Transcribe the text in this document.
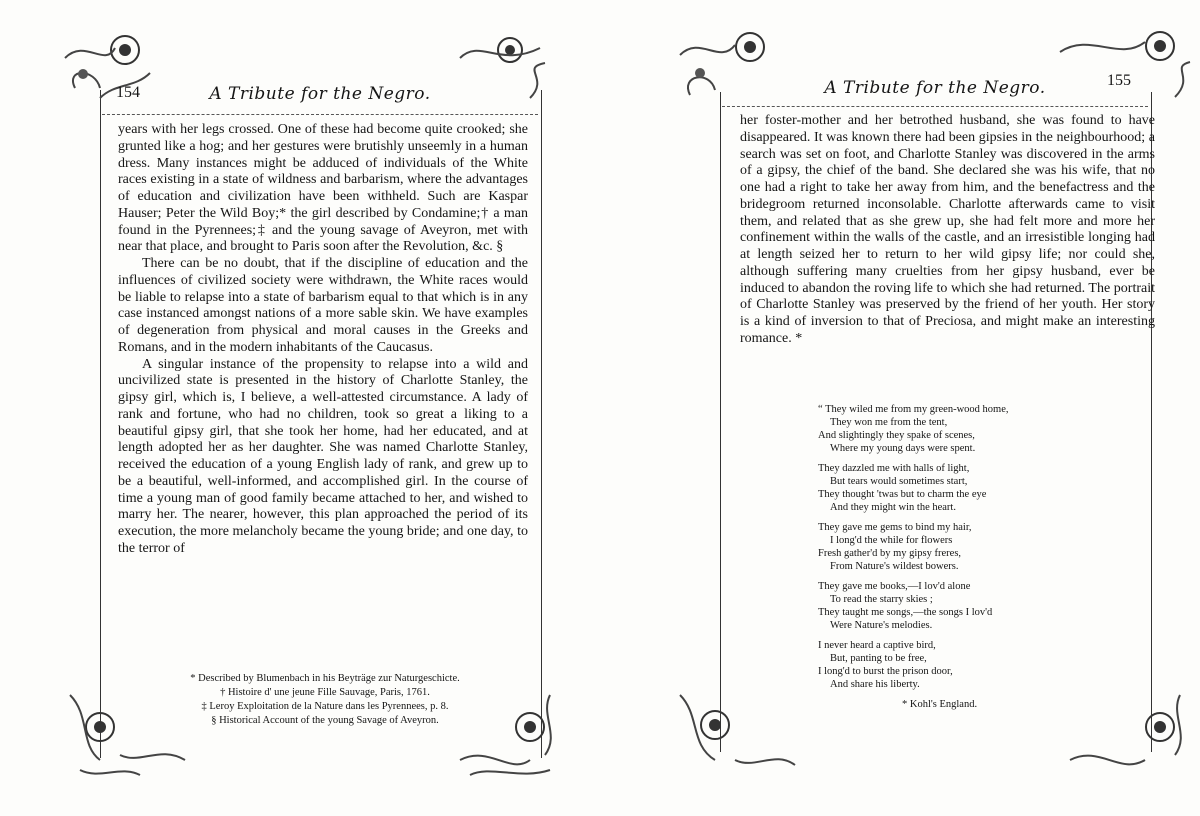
154	A Tribute for the Negro.

years with her legs crossed. One of these had become quite crooked; she grunted like a hog; and her gestures were brutishly unseemly in a human dress. Many instances might be adduced of individuals of the White races existing in a state of wildness and barbarism, where the advantages of education and civilization have been withheld. Such are Kaspar Hauser; Peter the Wild Boy;* the girl described by Condamine;† a man found in the Pyrennees;‡ and the young savage of Aveyron, met with near that place, and brought to Paris soon after the Revolution, &c. §

There can be no doubt, that if the discipline of education and the influences of civilized society were withdrawn, the White races would be liable to relapse into a state of barbarism equal to that which is in any case instanced amongst nations of a more sable skin. We have examples of degeneration from physical and moral causes in the Greeks and Romans, and in the modern inhabitants of the Caucasus.

A singular instance of the propensity to relapse into a wild and uncivilized state is presented in the history of Charlotte Stanley, the gipsy girl, which is, I believe, a well-attested circumstance. A lady of rank and fortune, who had no children, took so great a liking to a beautiful gipsy girl, that she took her home, had her educated, and at length adopted her as her daughter. She was named Charlotte Stanley, received the education of a young English lady of rank, and grew up to be a beautiful, well-informed, and accomplished girl. In the course of time a young man of good family became attached to her, and wished to marry her. The nearer, however, this plan approached the period of its execution, the more melancholy became the young bride; and one day, to the terror of

* Described by Blumenbach in his Beyträge zur Naturgeschicte.
† Histoire d' une jeune Fille Sauvage, Paris, 1761.
‡ Leroy Exploitation de la Nature dans les Pyrennees, p. 8.
§ Historical Account of the young Savage of Aveyron.
A Tribute for the Negro.	155

her foster-mother and her betrothed husband, she was found to have disappeared. It was known there had been gipsies in the neighbourhood; a search was set on foot, and Charlotte Stanley was discovered in the arms of a gipsy, the chief of the band. She declared she was his wife, that no one had a right to take her away from him, and the benefactress and the bridegroom returned inconsolable. Charlotte afterwards came to visit them, and related that as she grew up, she had felt more and more her confinement within the walls of the castle, and an irresistible longing had at length seized her to return to her wild gipsy life; nor could she, although suffering many cruelties from her gipsy husband, ever be induced to abandon the roving life to which she had returned. The portrait of Charlotte Stanley was preserved by the friend of her youth. Her story is a kind of inversion to that of Preciosa, and might make an interesting romance. *

“ They wiled me from my green-wood home,
They won me from the tent,
And slightingly they spake of scenes,
Where my young days were spent.
They dazzled me with halls of light,
But tears would sometimes start,
They thought 'twas but to charm the eye
And they might win the heart.
They gave me gems to bind my hair,
I long'd the while for flowers
Fresh gather'd by my gipsy freres,
From Nature's wildest bowers.
They gave me books,—I lov'd alone
To read the starry skies ;
They taught me songs,—the songs I lov'd
Were Nature's melodies.
I never heard a captive bird,
But, panting to be free,
I long'd to burst the prison door,
And share his liberty.
* Kohl's England.
